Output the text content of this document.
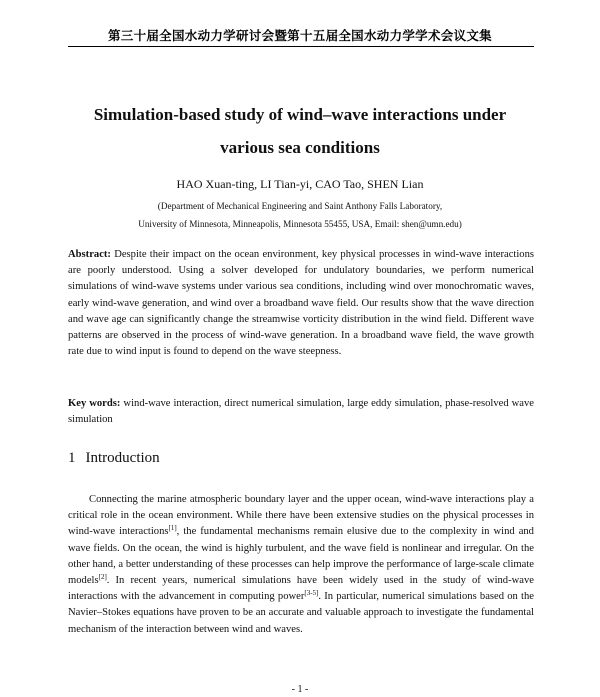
第三十届全国水动力学研讨会暨第十五届全国水动力学学术会议文集
Simulation-based study of wind–wave interactions under
various sea conditions
HAO Xuan-ting, LI Tian-yi, CAO Tao, SHEN Lian
(Department of Mechanical Engineering and Saint Anthony Falls Laboratory,
University of Minnesota, Minneapolis, Minnesota 55455, USA, Email: shen@umn.edu)

Abstract: Despite their impact on the ocean environment, key physical processes in wind-wave interactions are poorly understood. Using a solver developed for undulatory boundaries, we perform numerical simulations of wind-wave systems under various sea conditions, including wind over monochromatic waves, early wind-wave generation, and wind over a broadband wave field. Our results show that the wave direction and wave age can significantly change the streamwise vorticity distribution in the wind field. Different wave patterns are observed in the process of wind-wave generation. In a broadband wave field, the wave growth rate due to wind input is found to depend on the wave steepness.

Key words: wind-wave interaction, direct numerical simulation, large eddy simulation, phase-resolved wave simulation

1 Introduction

Connecting the marine atmospheric boundary layer and the upper ocean, wind-wave interactions play a critical role in the ocean environment. While there have been extensive studies on the physical processes in wind-wave interactions[1], the fundamental mechanisms remain elusive due to the complexity in wind and wave fields. On the ocean, the wind is highly turbulent, and the wave field is nonlinear and irregular. On the other hand, a better understanding of these processes can help improve the performance of large-scale climate models[2]. In recent years, numerical simulations have been widely used in the study of wind-wave interactions with the advancement in computing power[3-5]. In particular, numerical simulations based on the Navier–Stokes equations have proven to be an accurate and valuable approach to investigate the fundamental mechanism of the interaction between wind and waves.

- 1 -
